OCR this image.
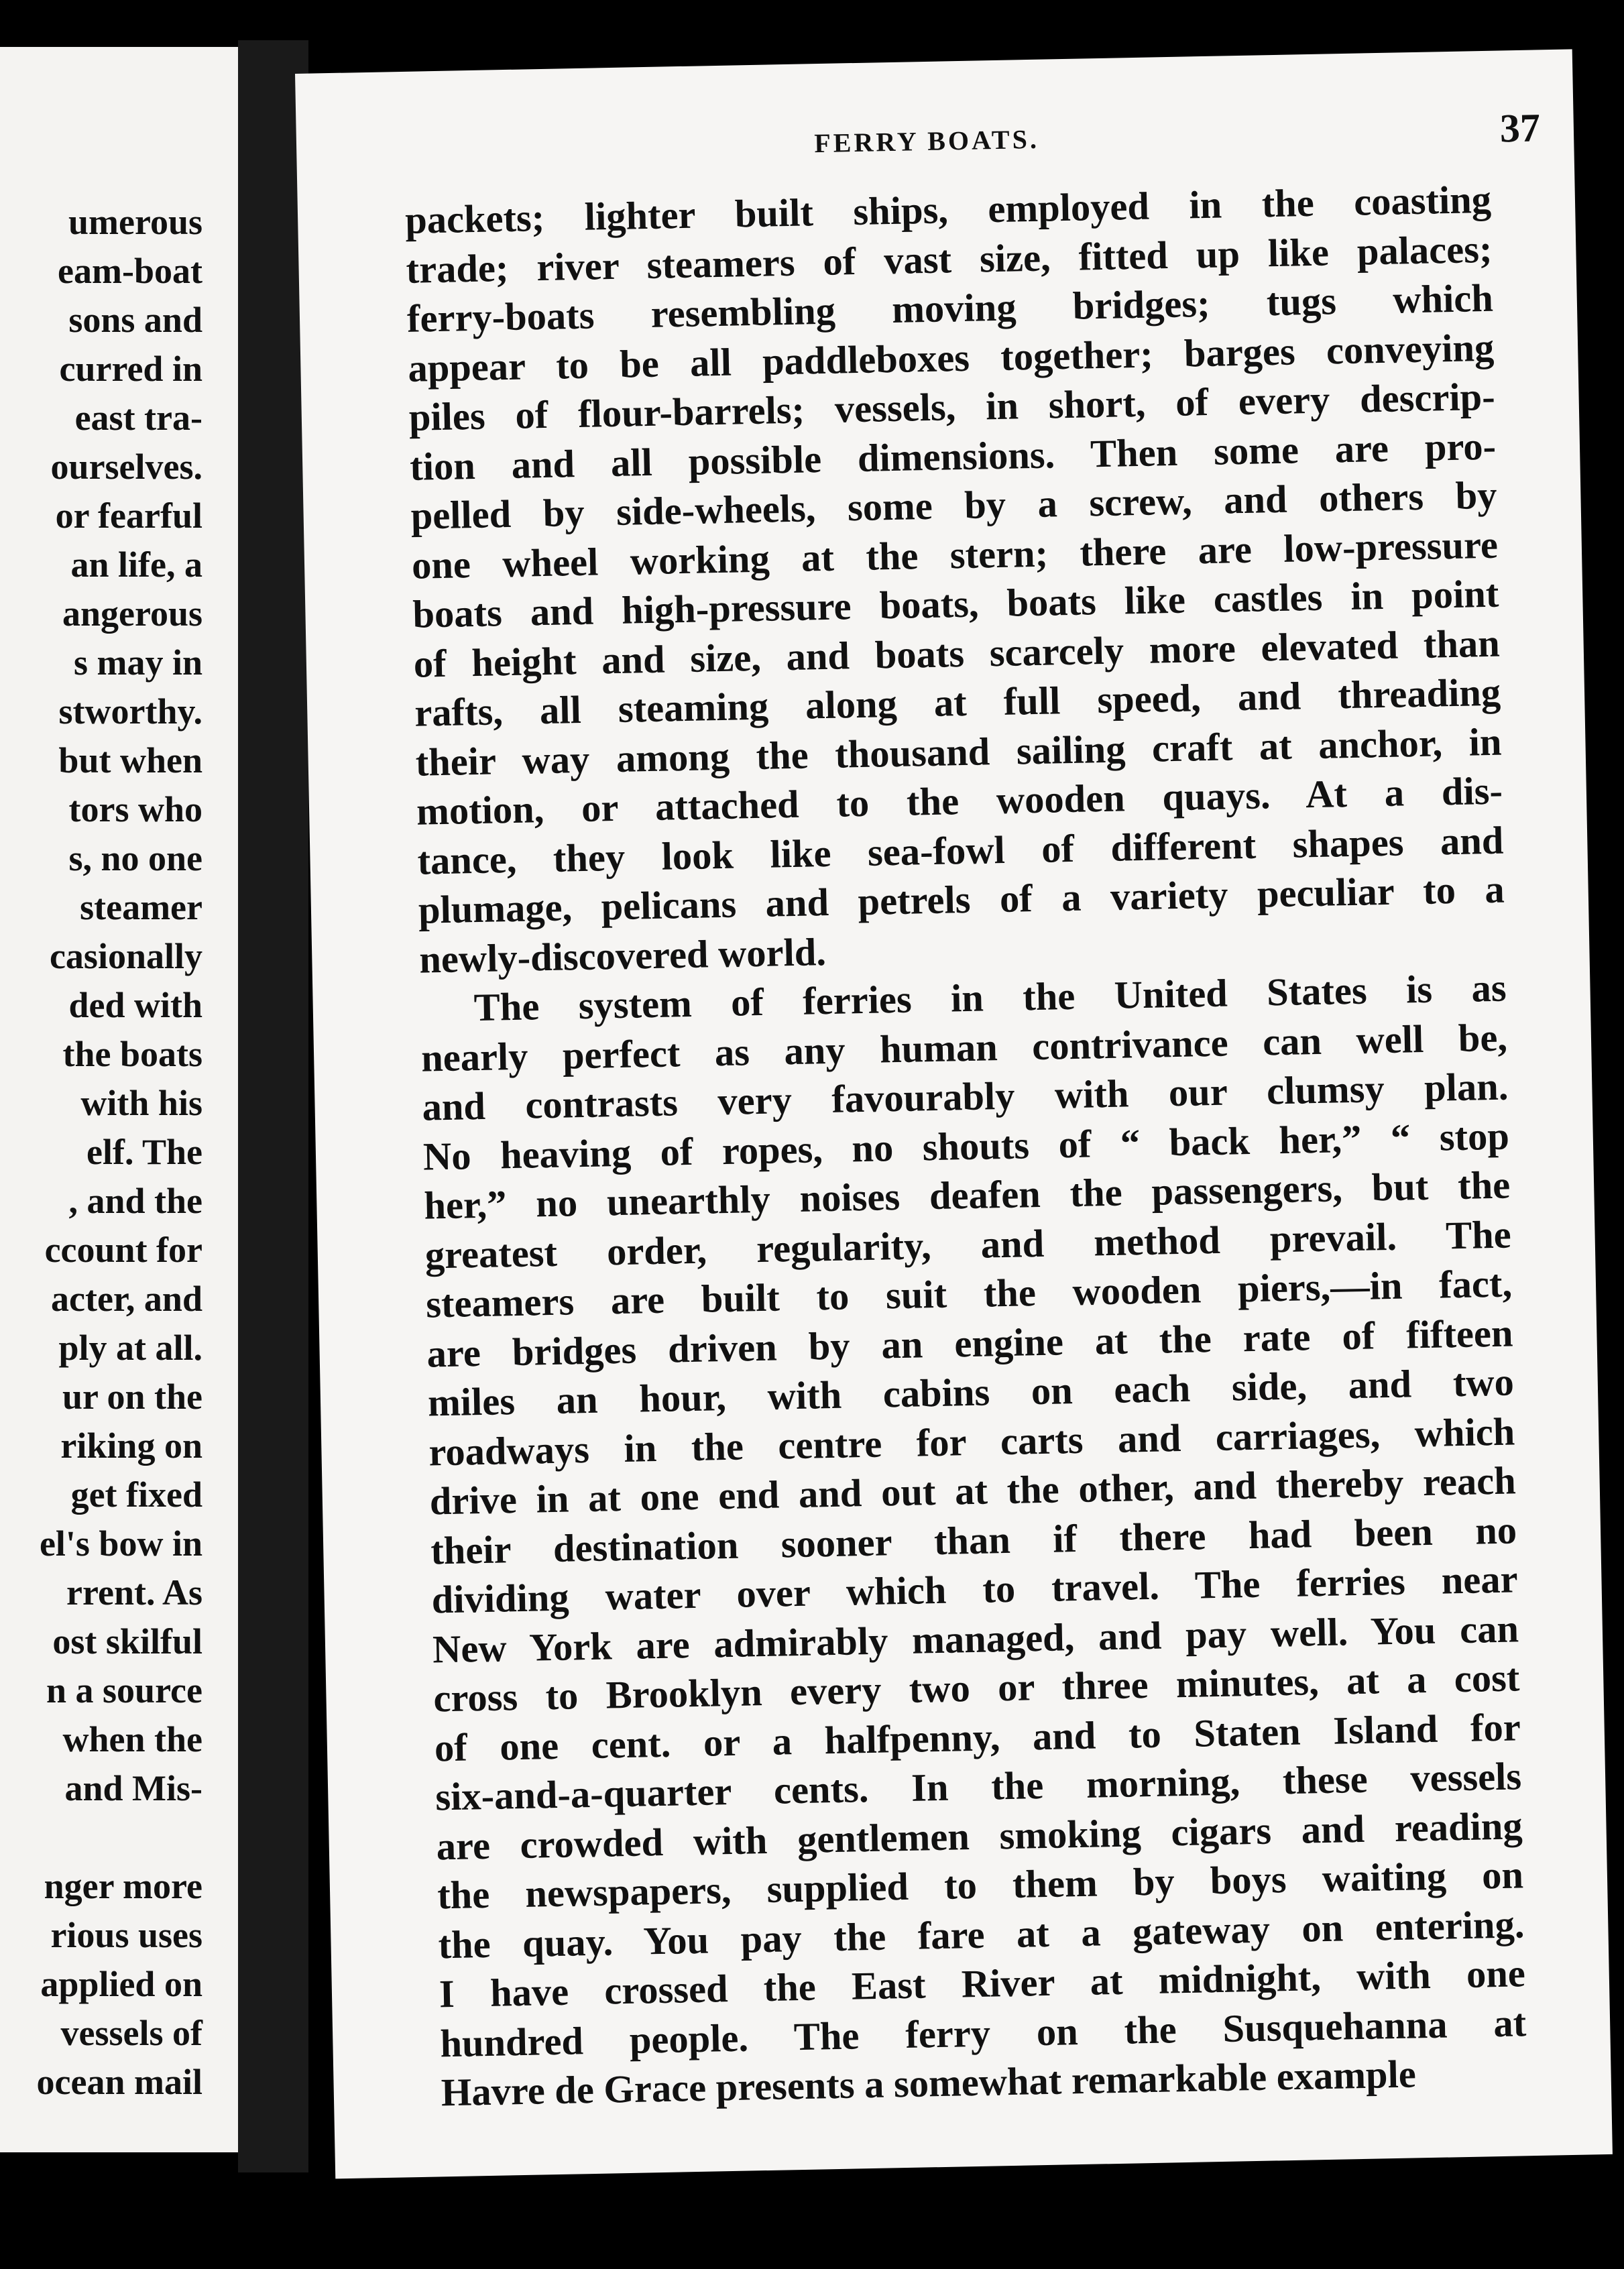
umerous
eam-boat
sons and
curred in
east tra-
ourselves.
or fearful
an life, a
angerous
s may in
stworthy.
but when
tors who
s, no one
steamer
casionally
ded with
the boats
with his
elf. The
, and the
ccount for
acter, and
ply at all.
ur on the
riking on
get fixed
el's bow in
rrent. As
ost skilful
n a source
when the
and Mis-
nger more
rious uses
applied on
vessels of
ocean mail
FERRY BOATS.	37
packets; lighter built ships, employed in the coasting
trade; river steamers of vast size, fitted up like palaces;
ferry-boats resembling moving bridges; tugs which
appear to be all paddleboxes together; barges conveying
piles of flour-barrels; vessels, in short, of every descrip-
tion and all possible dimensions. Then some are pro-
pelled by side-wheels, some by a screw, and others by
one wheel working at the stern; there are low-pressure
boats and high-pressure boats, boats like castles in point
of height and size, and boats scarcely more elevated than
rafts, all steaming along at full speed, and threading
their way among the thousand sailing craft at anchor, in
motion, or attached to the wooden quays. At a dis-
tance, they look like sea-fowl of different shapes and
plumage, pelicans and petrels of a variety peculiar to a
newly-discovered world.
The system of ferries in the United States is as
nearly perfect as any human contrivance can well be,
and contrasts very favourably with our clumsy plan.
No heaving of ropes, no shouts of “ back her,” “ stop
her,” no unearthly noises deafen the passengers, but the
greatest order, regularity, and method prevail. The
steamers are built to suit the wooden piers,—in fact,
are bridges driven by an engine at the rate of fifteen
miles an hour, with cabins on each side, and two
roadways in the centre for carts and carriages, which
drive in at one end and out at the other, and thereby reach
their destination sooner than if there had been no
dividing water over which to travel. The ferries near
New York are admirably managed, and pay well. You can
cross to Brooklyn every two or three minutes, at a cost
of one cent. or a halfpenny, and to Staten Island for
six-and-a-quarter cents. In the morning, these vessels
are crowded with gentlemen smoking cigars and reading
the newspapers, supplied to them by boys waiting on
the quay. You pay the fare at a gateway on entering.
I have crossed the East River at midnight, with one
hundred people. The ferry on the Susquehanna at
Havre de Grace presents a somewhat remarkable example
